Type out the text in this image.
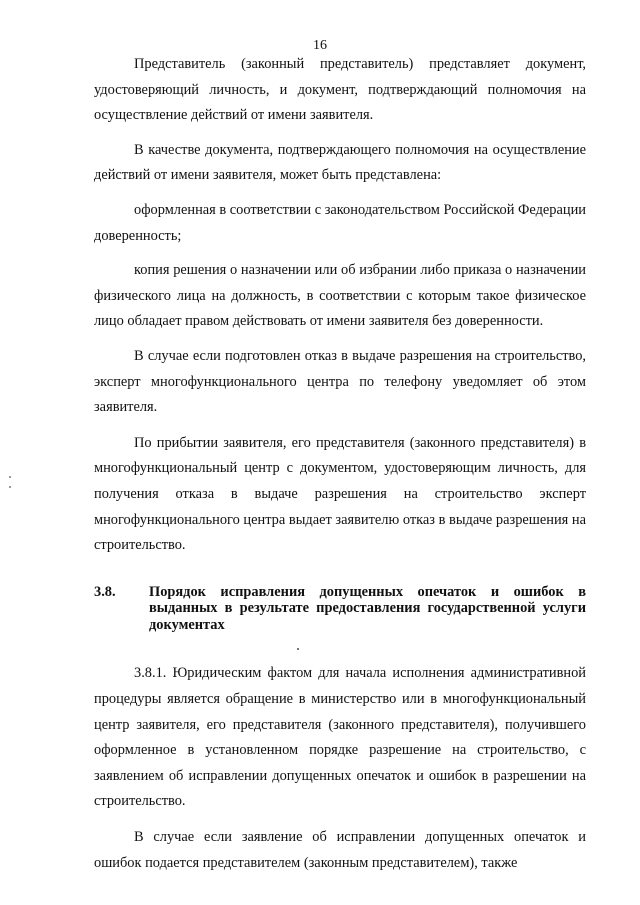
16

Представитель (законный представитель) представляет документ, удостоверяющий личность, и документ, подтверждающий полномочия на осуществление действий от имени заявителя.

В качестве документа, подтверждающего полномочия на осуществление действий от имени заявителя, может быть представлена:

оформленная в соответствии с законодательством Российской Федерации доверенность;

копия решения о назначении или об избрании либо приказа о назначении физического лица на должность, в соответствии с которым такое физическое лицо обладает правом действовать от имени заявителя без доверенности.

В случае если подготовлен отказ в выдаче разрешения на строительство, эксперт многофункционального центра по телефону уведомляет об этом заявителя.

По прибытии заявителя, его представителя (законного представителя) в многофункциональный центр с документом, удостоверяющим личность, для получения отказа в выдаче разрешения на строительство эксперт многофункционального центра выдает заявителю отказ в выдаче разрешения на строительство.

3.8.	Порядок исправления допущенных опечаток и ошибок в выданных в результате предоставления государственной услуги документах

3.8.1. Юридическим фактом для начала исполнения административной процедуры является обращение в министерство или в многофункциональный центр заявителя, его представителя (законного представителя), получившего оформленное в установленном порядке разрешение на строительство, с заявлением об исправлении допущенных опечаток и ошибок в разрешении на строительство.

В случае если заявление об исправлении допущенных опечаток и ошибок подается представителем (законным представителем), также
